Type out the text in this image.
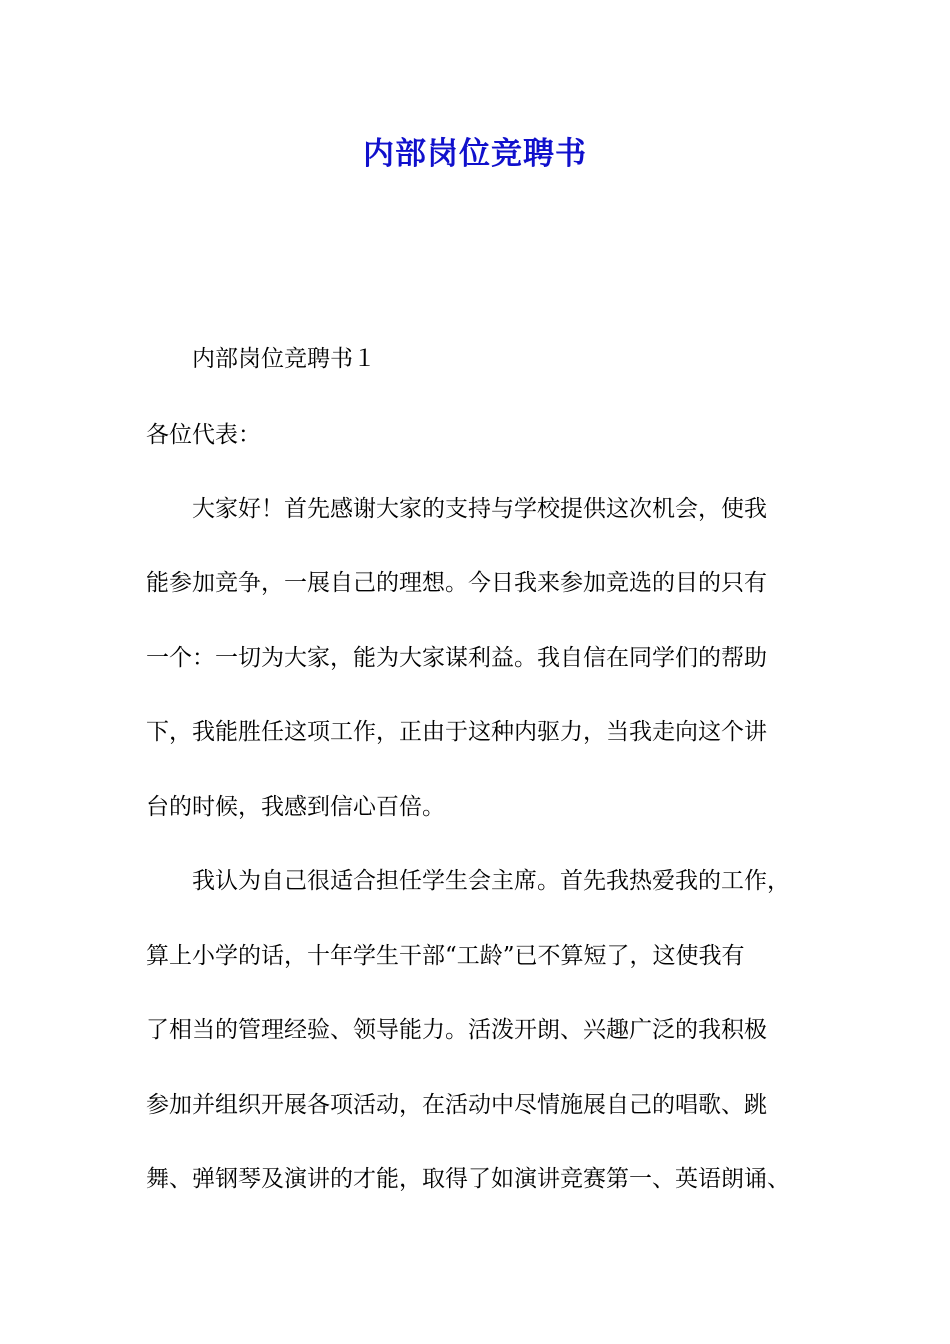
内部岗位竞聘书

内部岗位竞聘书１

各位代表：

大家好！首先感谢大家的支持与学校提供这次机会，使我

能参加竞争，一展自己的理想。今日我来参加竞选的目的只有

一个：一切为大家，能为大家谋利益。我自信在同学们的帮助

下，我能胜任这项工作，正由于这种内驱力，当我走向这个讲

台的时候，我感到信心百倍。

我认为自己很适合担任学生会主席。首先我热爱我的工作，

算上小学的话，十年学生干部“工龄”已不算短了，这使我有

了相当的管理经验、领导能力。活泼开朗、兴趣广泛的我积极

参加并组织开展各项活动，在活动中尽情施展自己的唱歌、跳

舞、弹钢琴及演讲的才能，取得了如演讲竞赛第一、英语朗诵、
